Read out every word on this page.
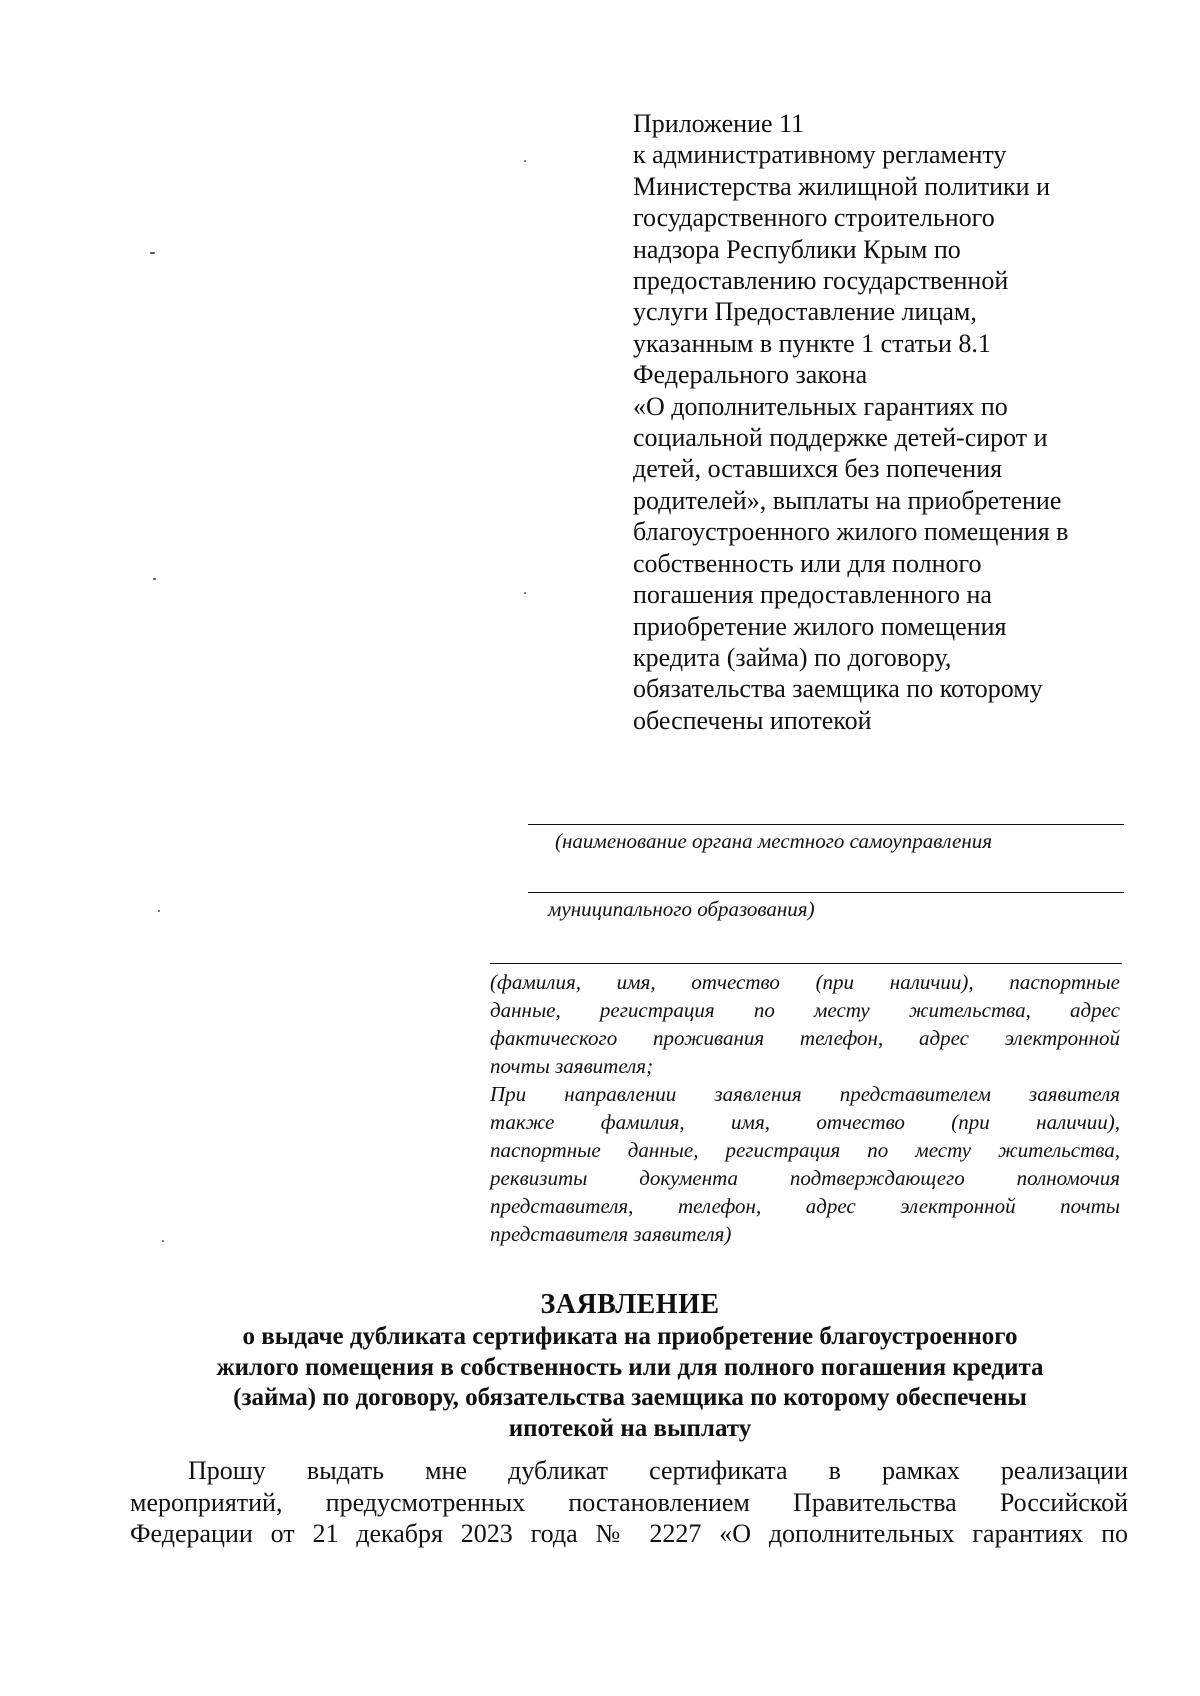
Приложение 11
к административному регламенту
Министерства жилищной политики и
государственного строительного
надзора Республики Крым по
предоставлению государственной
услуги Предоставление лицам,
указанным в пункте 1 статьи 8.1
Федерального закона
«О дополнительных гарантиях по
социальной поддержке детей-сирот и
детей, оставшихся без попечения
родителей», выплаты на приобретение
благоустроенного жилого помещения в
собственность или для полного
погашения предоставленного на
приобретение жилого помещения
кредита (займа) по договору,
обязательства заемщика по которому
обеспечены ипотекой
(наименование органа местного самоуправления
муниципального образования)
(фамилия, имя, отчество (при наличии), паспортные
данные, регистрация по месту жительства, адрес
фактического проживания телефон, адрес электронной
почты заявителя;
При направлении заявления представителем заявителя
также фамилия, имя, отчество (при наличии),
паспортные данные, регистрация по месту жительства,
реквизиты документа подтверждающего полномочия
представителя, телефон, адрес электронной почты
представителя заявителя)
ЗАЯВЛЕНИЕ
о выдаче дубликата сертификата на приобретение благоустроенного
жилого помещения в собственность или для полного погашения кредита
(займа) по договору, обязательства заемщика по которому обеспечены
ипотекой на выплату
Прошу выдать мне дубликат сертификата в рамках реализации
мероприятий, предусмотренных постановлением Правительства Российской
Федерации от 21 декабря 2023 года № 2227 «О дополнительных гарантиях по
